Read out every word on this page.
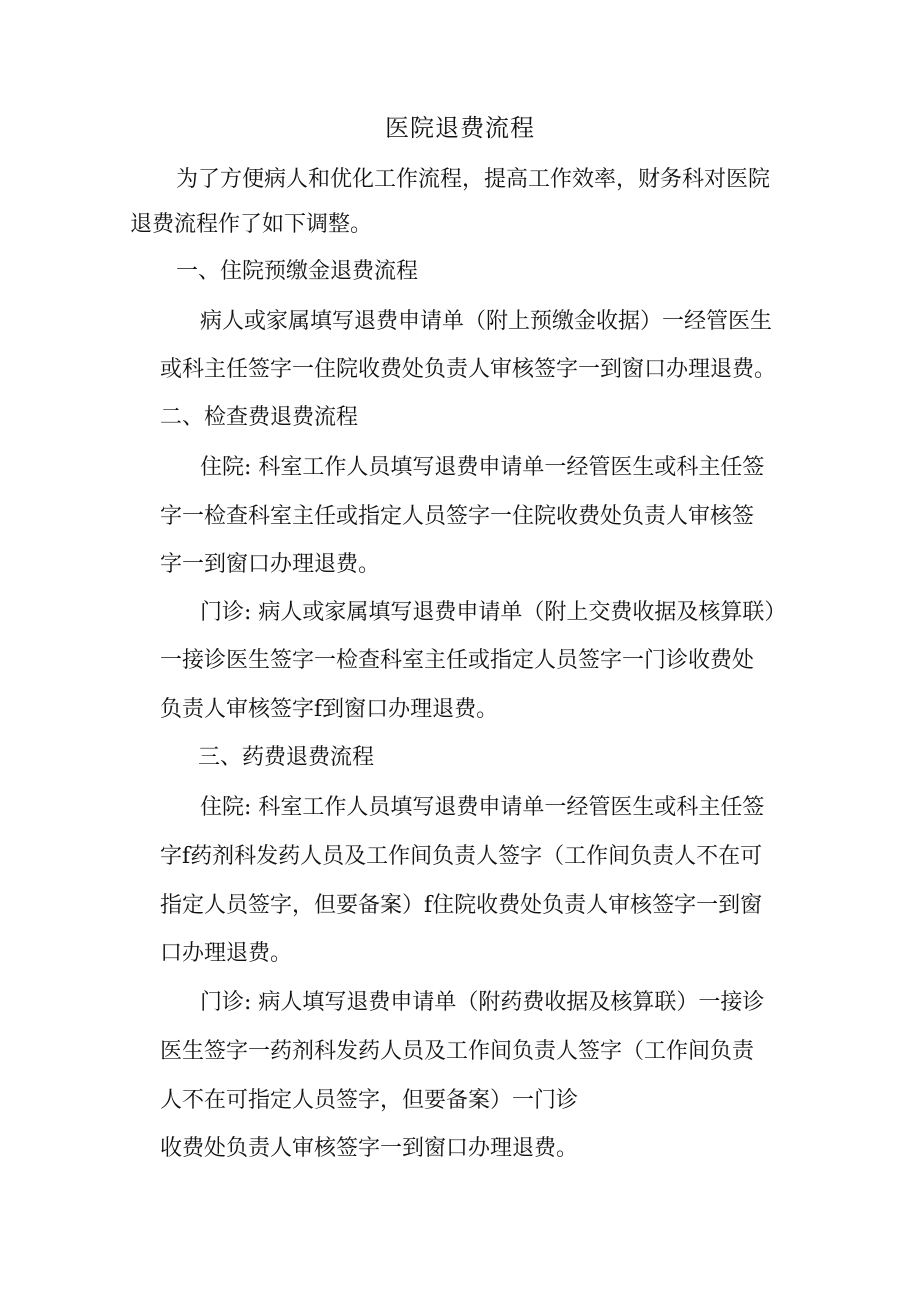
医院退费流程
为了方便病人和优化工作流程，提高工作效率，财务科对医院
退费流程作了如下调整。
一、住院预缴金退费流程
病人或家属填写退费申请单（附上预缴金收据）一经管医生
或科主任签字一住院收费处负责人审核签字一到窗口办理退费。
二、检查费退费流程
住院: 科室工作人员填写退费申请单一经管医生或科主任签
字一检查科室主任或指定人员签字一住院收费处负责人审核签
字一到窗口办理退费。
门诊: 病人或家属填写退费申请单（附上交费收据及核算联）
一接诊医生签字一检查科室主任或指定人员签字一门诊收费处
负责人审核签字f到窗口办理退费。
三、药费退费流程
住院: 科室工作人员填写退费申请单一经管医生或科主任签
字f药剂科发药人员及工作间负责人签字（工作间负责人不在可
指定人员签字，但要备案）f住院收费处负责人审核签字一到窗
口办理退费。
门诊: 病人填写退费申请单（附药费收据及核算联）一接诊
医生签字一药剂科发药人员及工作间负责人签字（工作间负责
人不在可指定人员签字，但要备案）一门诊
收费处负责人审核签字一到窗口办理退费。
